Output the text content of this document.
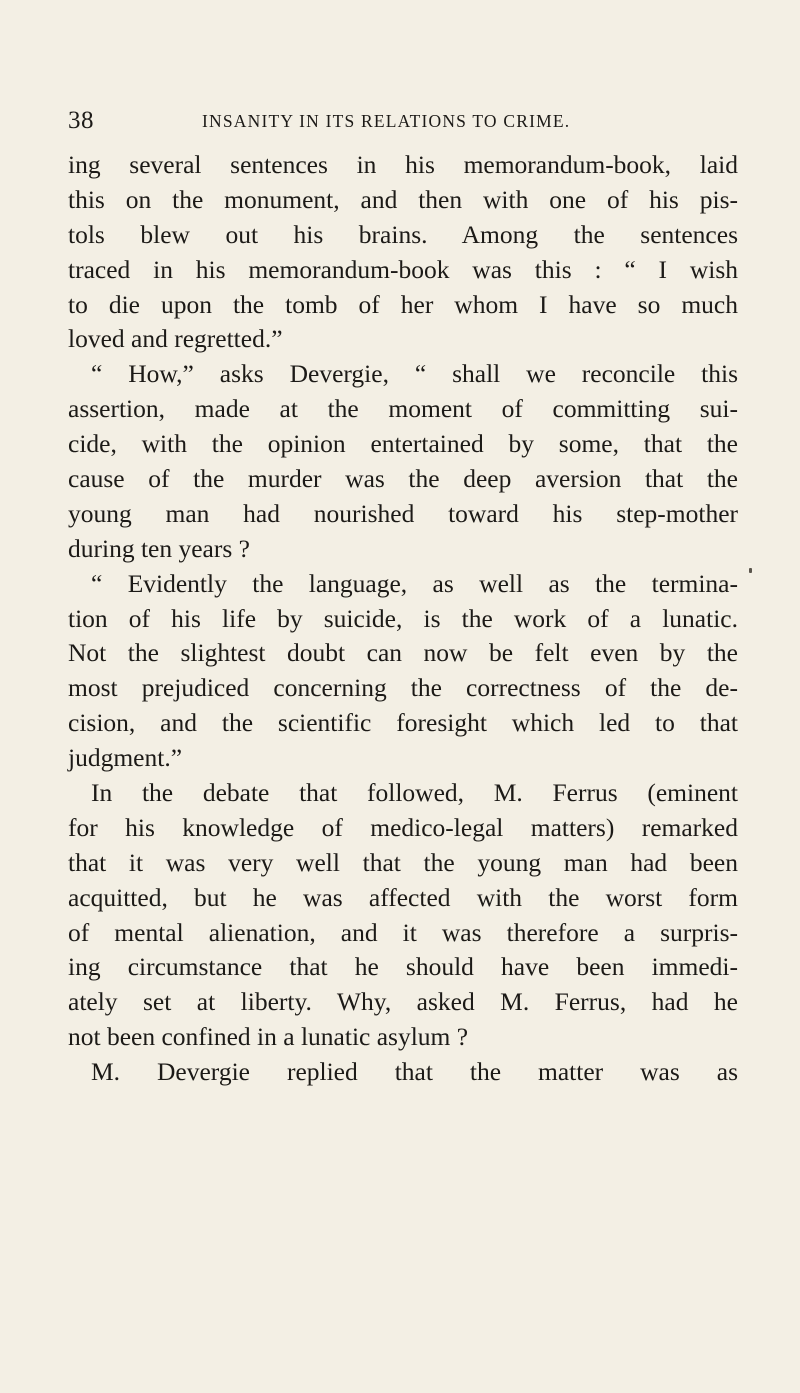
38	INSANITY IN ITS RELATIONS TO CRIME.
ing several sentences in his memorandum-book, laid
this on the monument, and then with one of his pis-
tols blew out his brains. Among the sentences
traced in his memorandum-book was this : “ I wish
to die upon the tomb of her whom I have so much
loved and regretted.”
“ How,” asks Devergie, “ shall we reconcile this
assertion, made at the moment of committing sui-
cide, with the opinion entertained by some, that the
cause of the murder was the deep aversion that the
young man had nourished toward his step-mother
during ten years ?
“ Evidently the language, as well as the termina-
tion of his life by suicide, is the work of a lunatic.
Not the slightest doubt can now be felt even by the
most prejudiced concerning the correctness of the de-
cision, and the scientific foresight which led to that
judgment.”
In the debate that followed, M. Ferrus (eminent
for his knowledge of medico-legal matters) remarked
that it was very well that the young man had been
acquitted, but he was affected with the worst form
of mental alienation, and it was therefore a surpris-
ing circumstance that he should have been immedi-
ately set at liberty. Why, asked M. Ferrus, had he
not been confined in a lunatic asylum ?
M. Devergie replied that the matter was as
